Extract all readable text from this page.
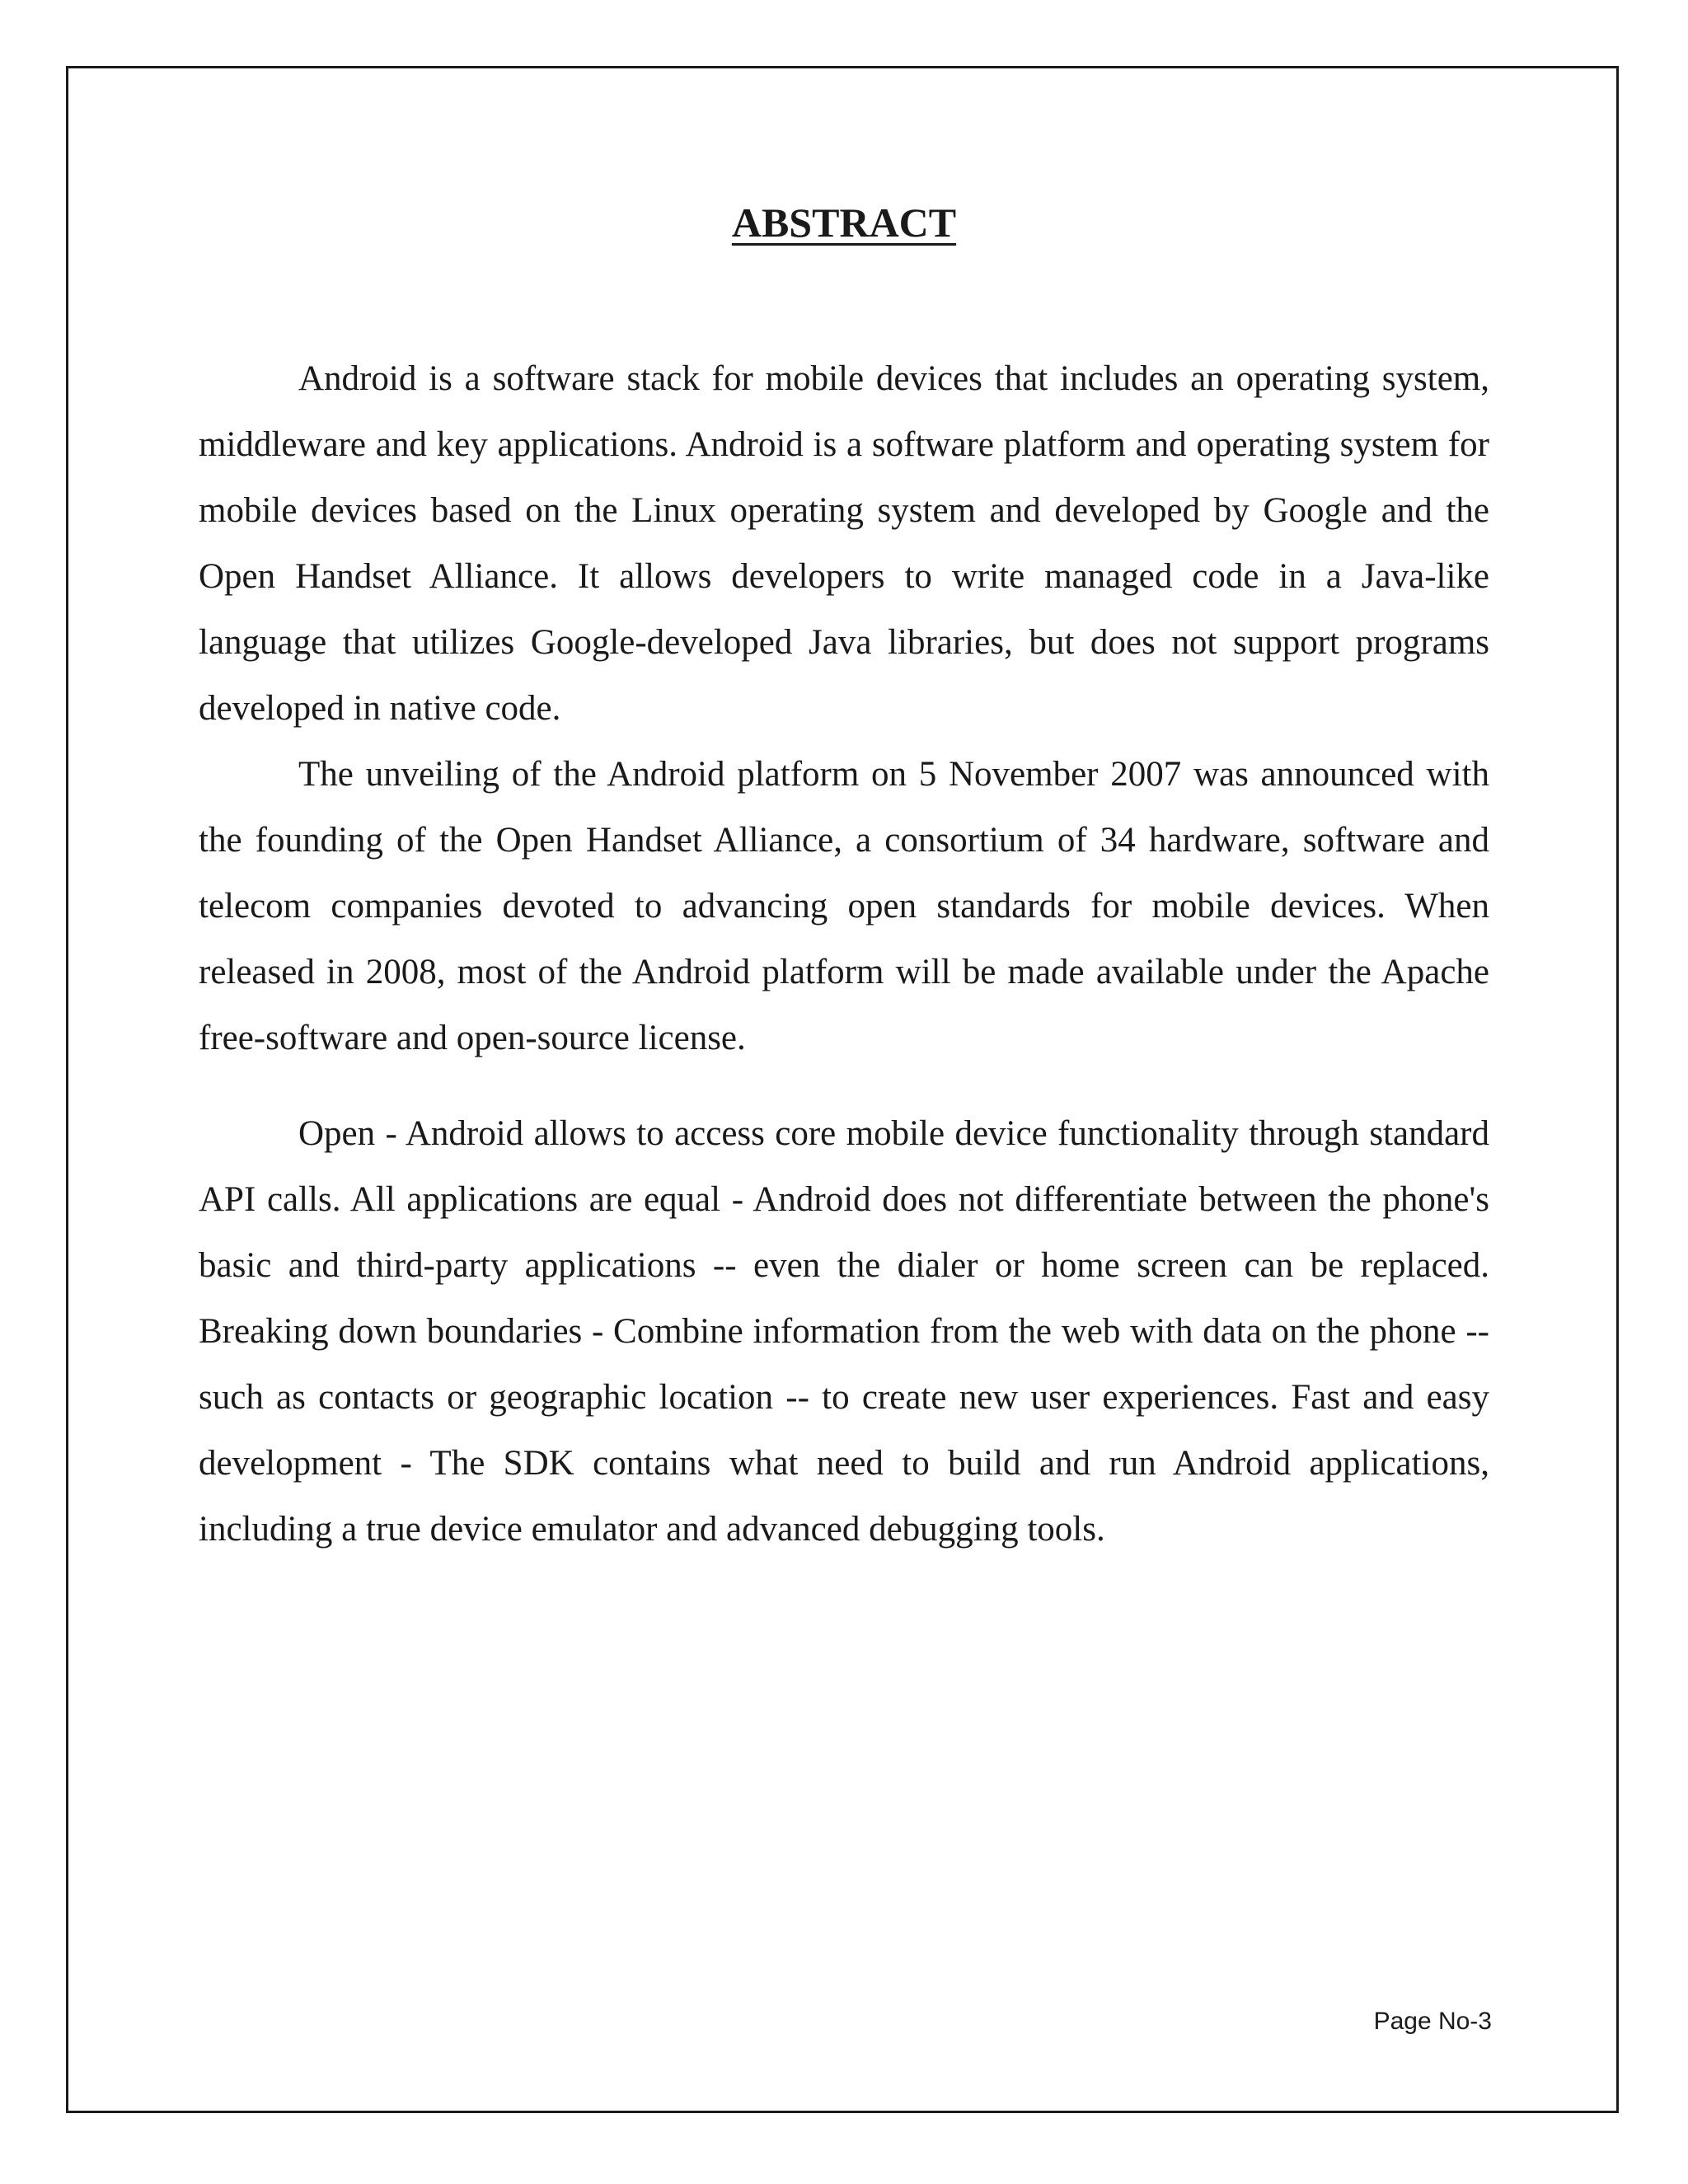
ABSTRACT

Android is a software stack for mobile devices that includes an operating system, middleware and key applications. Android is a software platform and operating system for mobile devices based on the Linux operating system and developed by Google and the Open Handset Alliance. It allows developers to write managed code in a Java-like language that utilizes Google-developed Java libraries, but does not support programs developed in native code.

The unveiling of the Android platform on 5 November 2007 was announced with the founding of the Open Handset Alliance, a consortium of 34 hardware, software and telecom companies devoted to advancing open standards for mobile devices. When released in 2008, most of the Android platform will be made available under the Apache free-software and open-source license.

Open - Android allows to access core mobile device functionality through standard API calls. All applications are equal - Android does not differentiate between the phone's basic and third-party applications -- even the dialer or home screen can be replaced. Breaking down boundaries - Combine information from the web with data on the phone -- such as contacts or geographic location -- to create new user experiences. Fast and easy development - The SDK contains what need to build and run Android applications, including a true device emulator and advanced debugging tools.

Page No-3
